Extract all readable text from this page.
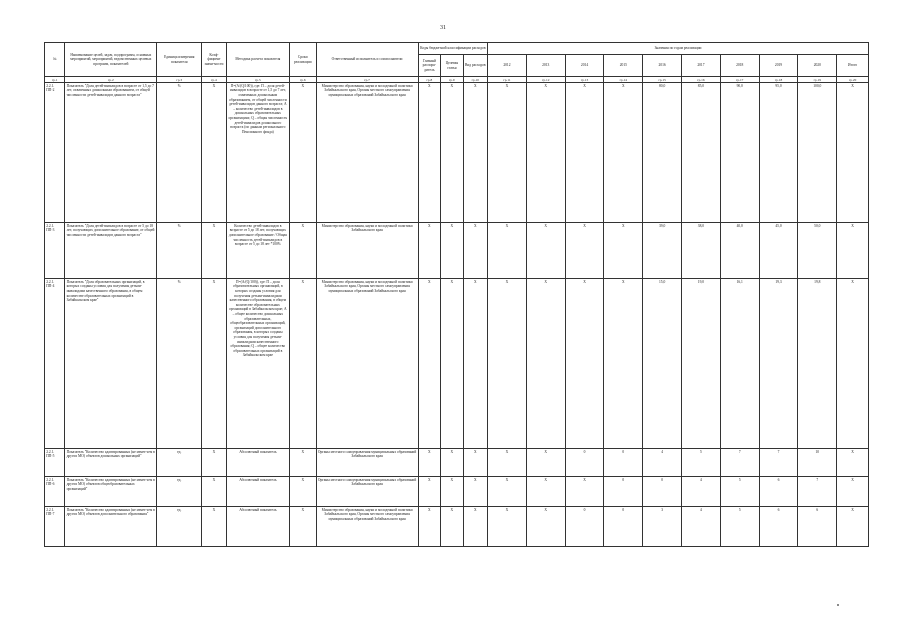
31
№	Наименование целей, задач, подпрограмм, основных мероприятий, мероприятий, ведомственных целевых программ, показателей	Единица измерения показателя	Коэф-фициент значи-мости	Методика расчета показателя	Сроки реализации	Ответственный исполнитель и соисполнители	Коды бюджетной классификации расходов			Значения по годам реализации									
							Главный распоря-дитель	Целевая статья	Вид расходов	2012	2013	2014	2015	2016	2017	2018	2019	2020	Итого
гр.1	гр.2	гр.3	гр.4	гр.5	гр.6	гр.7	гр.8	гр.9	гр.10	гр.11	гр.12	гр.13	гр.14	гр.15	гр.16	гр.17	гр.18	гр.19	гр.20
2.2.1.
ПП-2	Показатель "Доля детей-инвалидов в возрасте от 1,5 до 7 лет, охваченных дошкольным образованием, от общей численности детей-инвалидов данного возраста"	%	Х	П=(А/(Q/100)), где: П – доля детей-инвалидов в возрасте от 1,5 до 7 лет, охваченных дошкольным образованием, от общей численности детей-инвалидов данного возраста; А – количество детей-инвалидов в дошкольных образовательных организациях; Q – общая численность детей-инвалидов дошкольного возраста (по данным регионального Пенсионного фонда)	Х	Министерство образования, науки и молодежной политики Забайкальского края, Органы местного самоуправления муниципальных образований Забайкальского края	Х	Х	Х	Х	Х	Х	Х	80,0	85,0	90,0	95,0	100,0	Х
2.2.1.
ПП-3	Показатель "Доля детей-инвалидов в возрасте от 5 до 18 лет, получающих дополнительное образование, от общей численности детей-инвалидов данного возраста"	%	Х	Количество детей-инвалидов в возрасте от 5 до 18 лет, получающих дополнительное образование / Общая численность детей-инвалидов в возрасте от 5 до 18 лет *100%	Х	Министерство образования, науки и молодежной политики Забайкальского края	Х	Х	Х	Х	Х	Х	Х	39,0	38,0	40,0	45,0	50,0	Х
2.2.1.
ПП-4	Показатель "Доля образовательных организаций, в которых созданы условия для получения детьми-инвалидами качественного образования, в общем количестве образовательных организаций в Забайкальском крае"	%	Х	П=(А/(Q/100)), где: П – доля образовательных организаций, в которых созданы условия для получения детьми-инвалидами качественного образования, в общем количестве образовательных организаций в Забайкальском крае; А – общее количество дошкольных образовательных, общеобразовательных организаций, организаций дополнительного образования, в которых созданы условия для получения детьми-инвалидами качественного образования; Q – общее количество образовательных организаций в Забайкальском крае	Х	Министерство образования, науки и молодежной политики Забайкальского края, Органы местного самоуправления муниципальных образований Забайкальского края	Х	Х	Х	Х	Х	Х	Х	15,0	19,0	16,1	19,3	19,8	Х
2.2.1.
ПП-5	Показатель "Количество адаптированных (не менее чем в других МО) объектов дошкольных организаций"	ед.	Х	Абсолютный показатель	Х	Органы местного самоуправления муниципальных образований Забайкальского края	Х	Х	Х	Х	Х	0	0	4	5	7	7	10	Х
2.2.1.
ПП-6	Показатель "Количество адаптированных (не менее чем в других МО) объектов общеобразовательных организаций"	ед.	Х	Абсолютный показатель	Х	Органы местного самоуправления муниципальных образований Забайкальского края	Х	Х	Х	Х	Х	Х	0	0	4	5	6	7	Х
2.2.1.
ПП-7	Показатель "Количество адаптированных (не менее чем в других МО) объектов дополнительного образования"	ед.	Х	Абсолютный показатель	Х	Министерство образования, науки и молодежной политики Забайкальского края, Органы местного самоуправления муниципальных образований Забайкальского края	Х	Х	Х	Х	Х	0	0	3	4	5	6	6	Х
